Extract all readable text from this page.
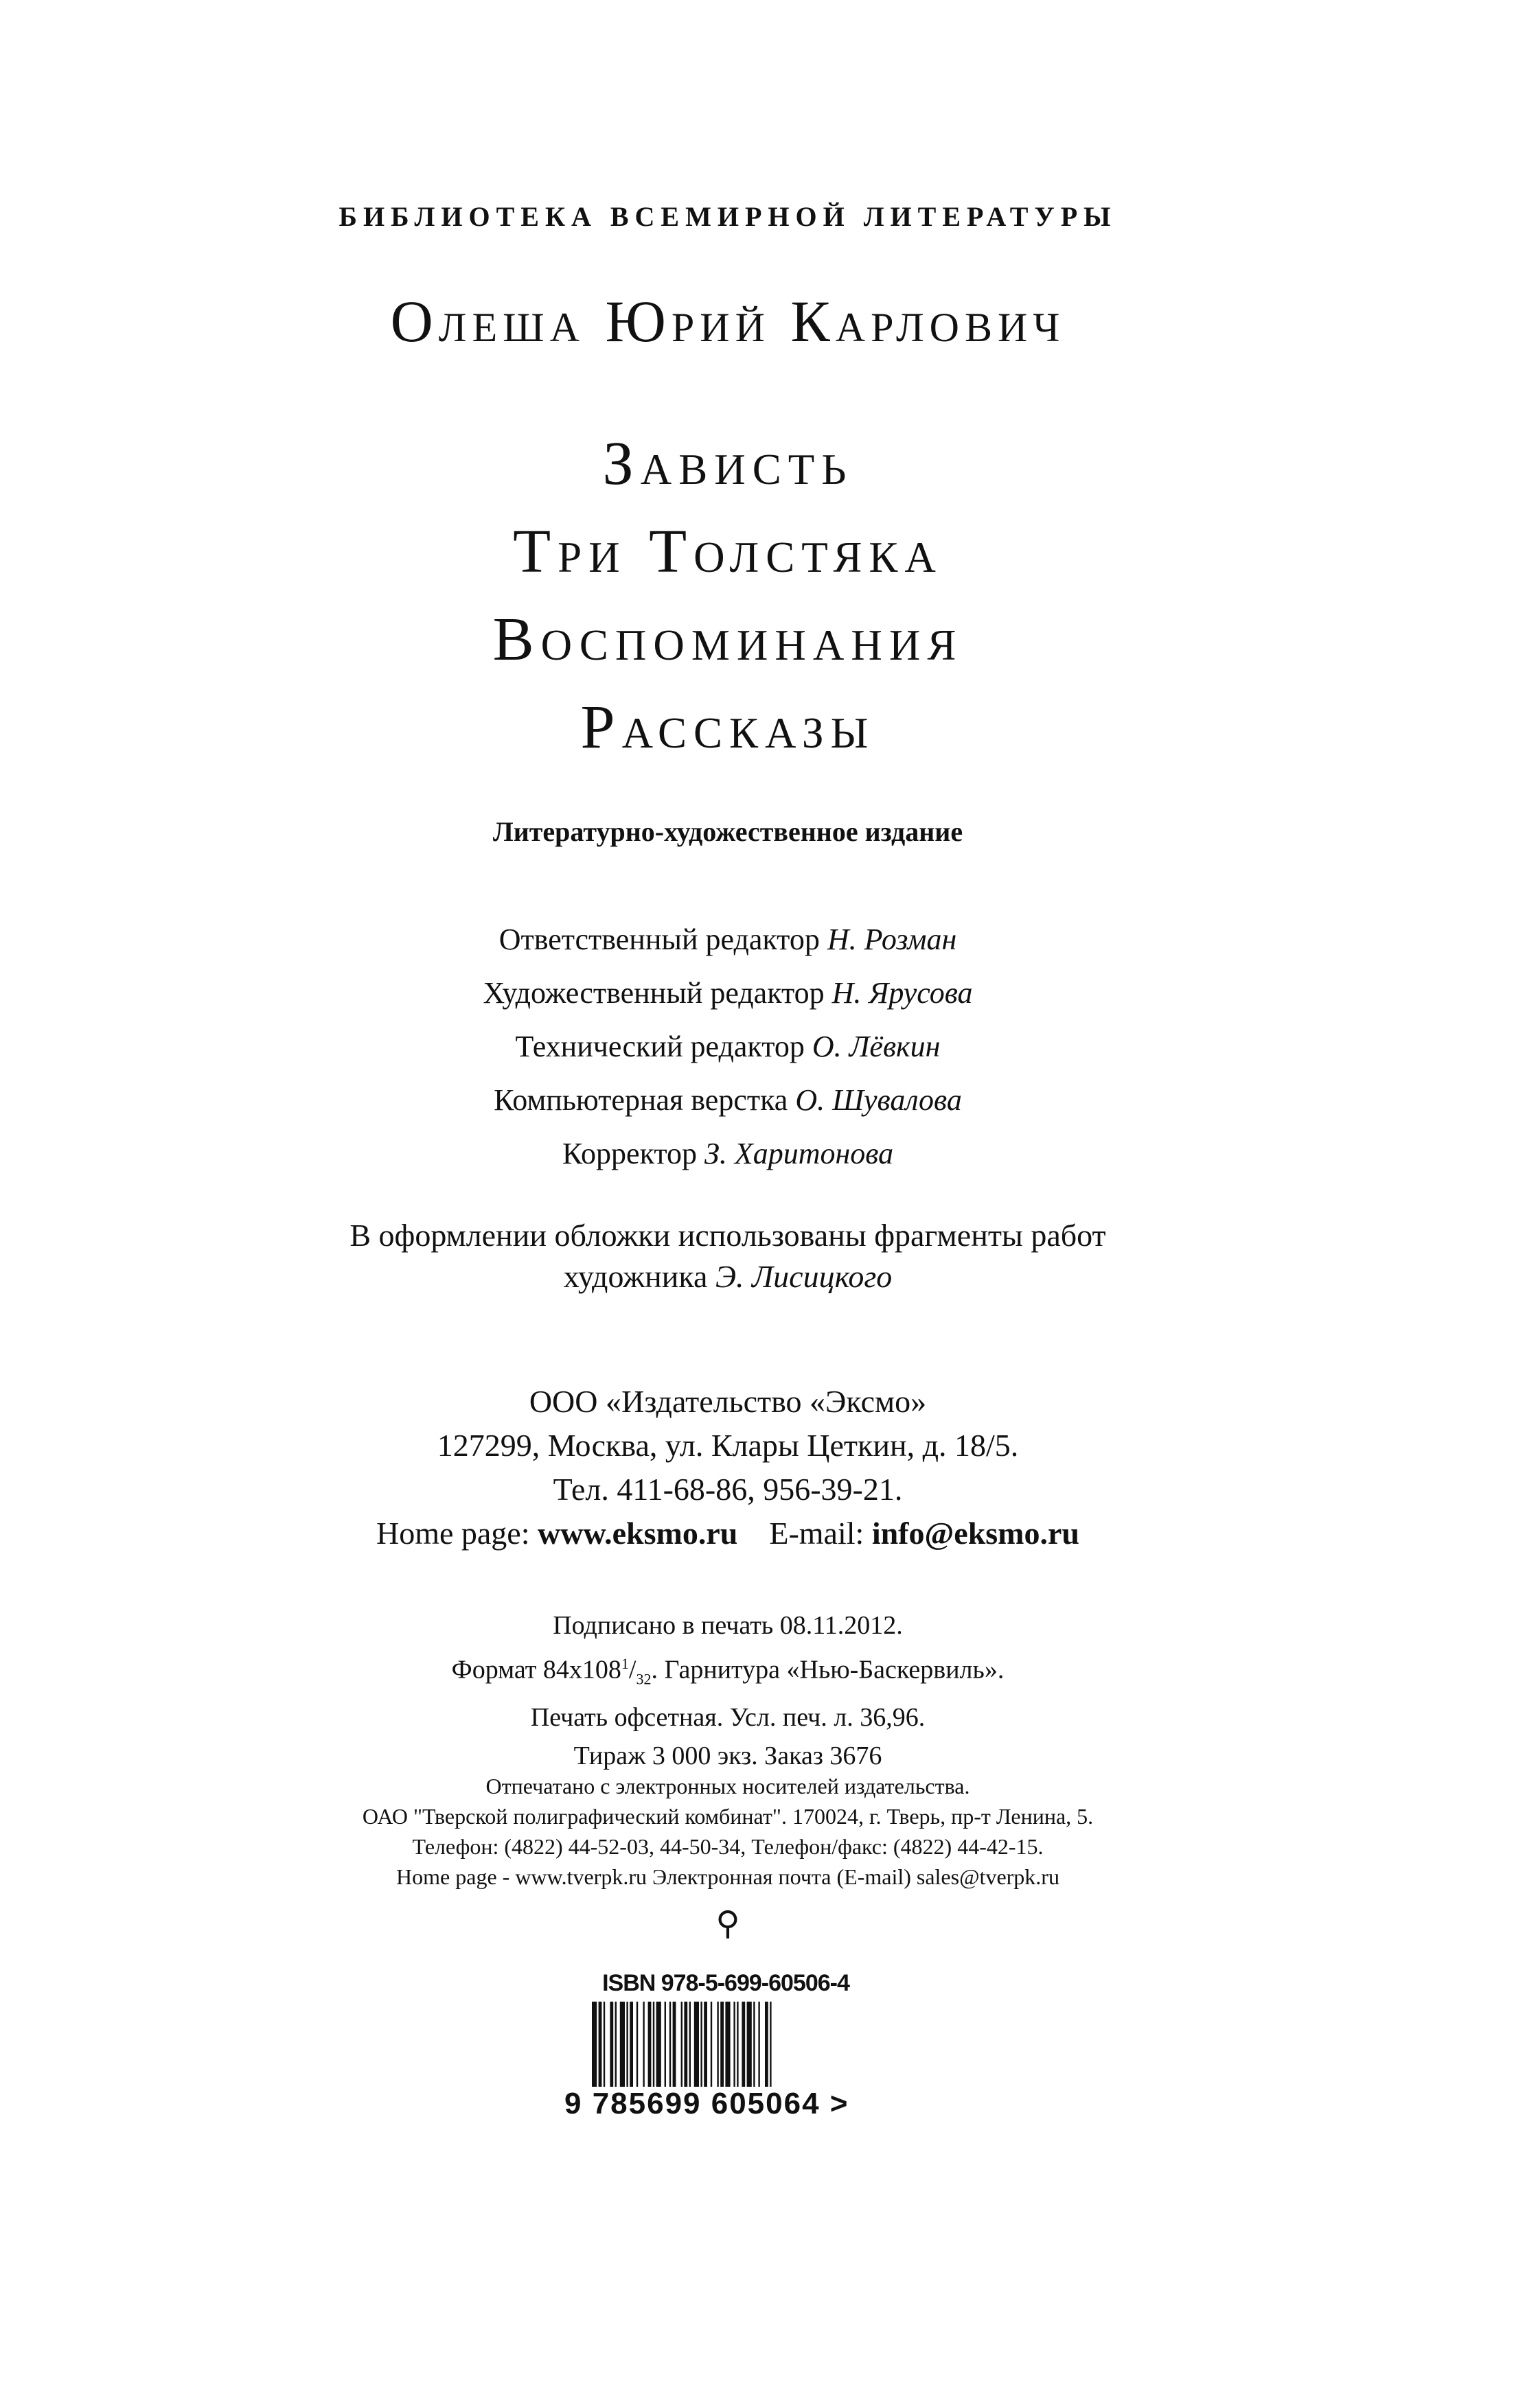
БИБЛИОТЕКА ВСЕМИРНОЙ ЛИТЕРАТУРЫ
Олеша Юрий Карлович
Зависть
Три Толстяка
Воспоминания
Рассказы
Литературно-художественное издание
Ответственный редактор Н. Розман
Художественный редактор Н. Ярусова
Технический редактор О. Лёвкин
Компьютерная верстка О. Шувалова
Корректор З. Харитонова
В оформлении обложки использованы фрагменты работ
художника Э. Лисицкого
ООО «Издательство «Эксмо»
127299, Москва, ул. Клары Цеткин, д. 18/5.
Тел. 411-68-86, 956-39-21.
Home page: www.eksmo.ru E-mail: info@eksmo.ru
Подписано в печать 08.11.2012.
Формат $84x108^1/_{32}$. Гарнитура «Нью-Баскервиль».
Печать офсетная. Усл. печ. л. 36,96.
Тираж 3 000 экз. Заказ 3676
Отпечатано с электронных носителей издательства.
ОАО "Тверской полиграфический комбинат". 170024, г. Тверь, пр-т Ленина, 5.
Телефон: (4822) 44-52-03, 44-50-34, Телефон/факс: (4822) 44-42-15.
Home page - www.tverpk.ru Электронная почта (E-mail) sales@tverpk.ru
⚲
ISBN 978-5-699-60506-4
9 785699 605064 >
